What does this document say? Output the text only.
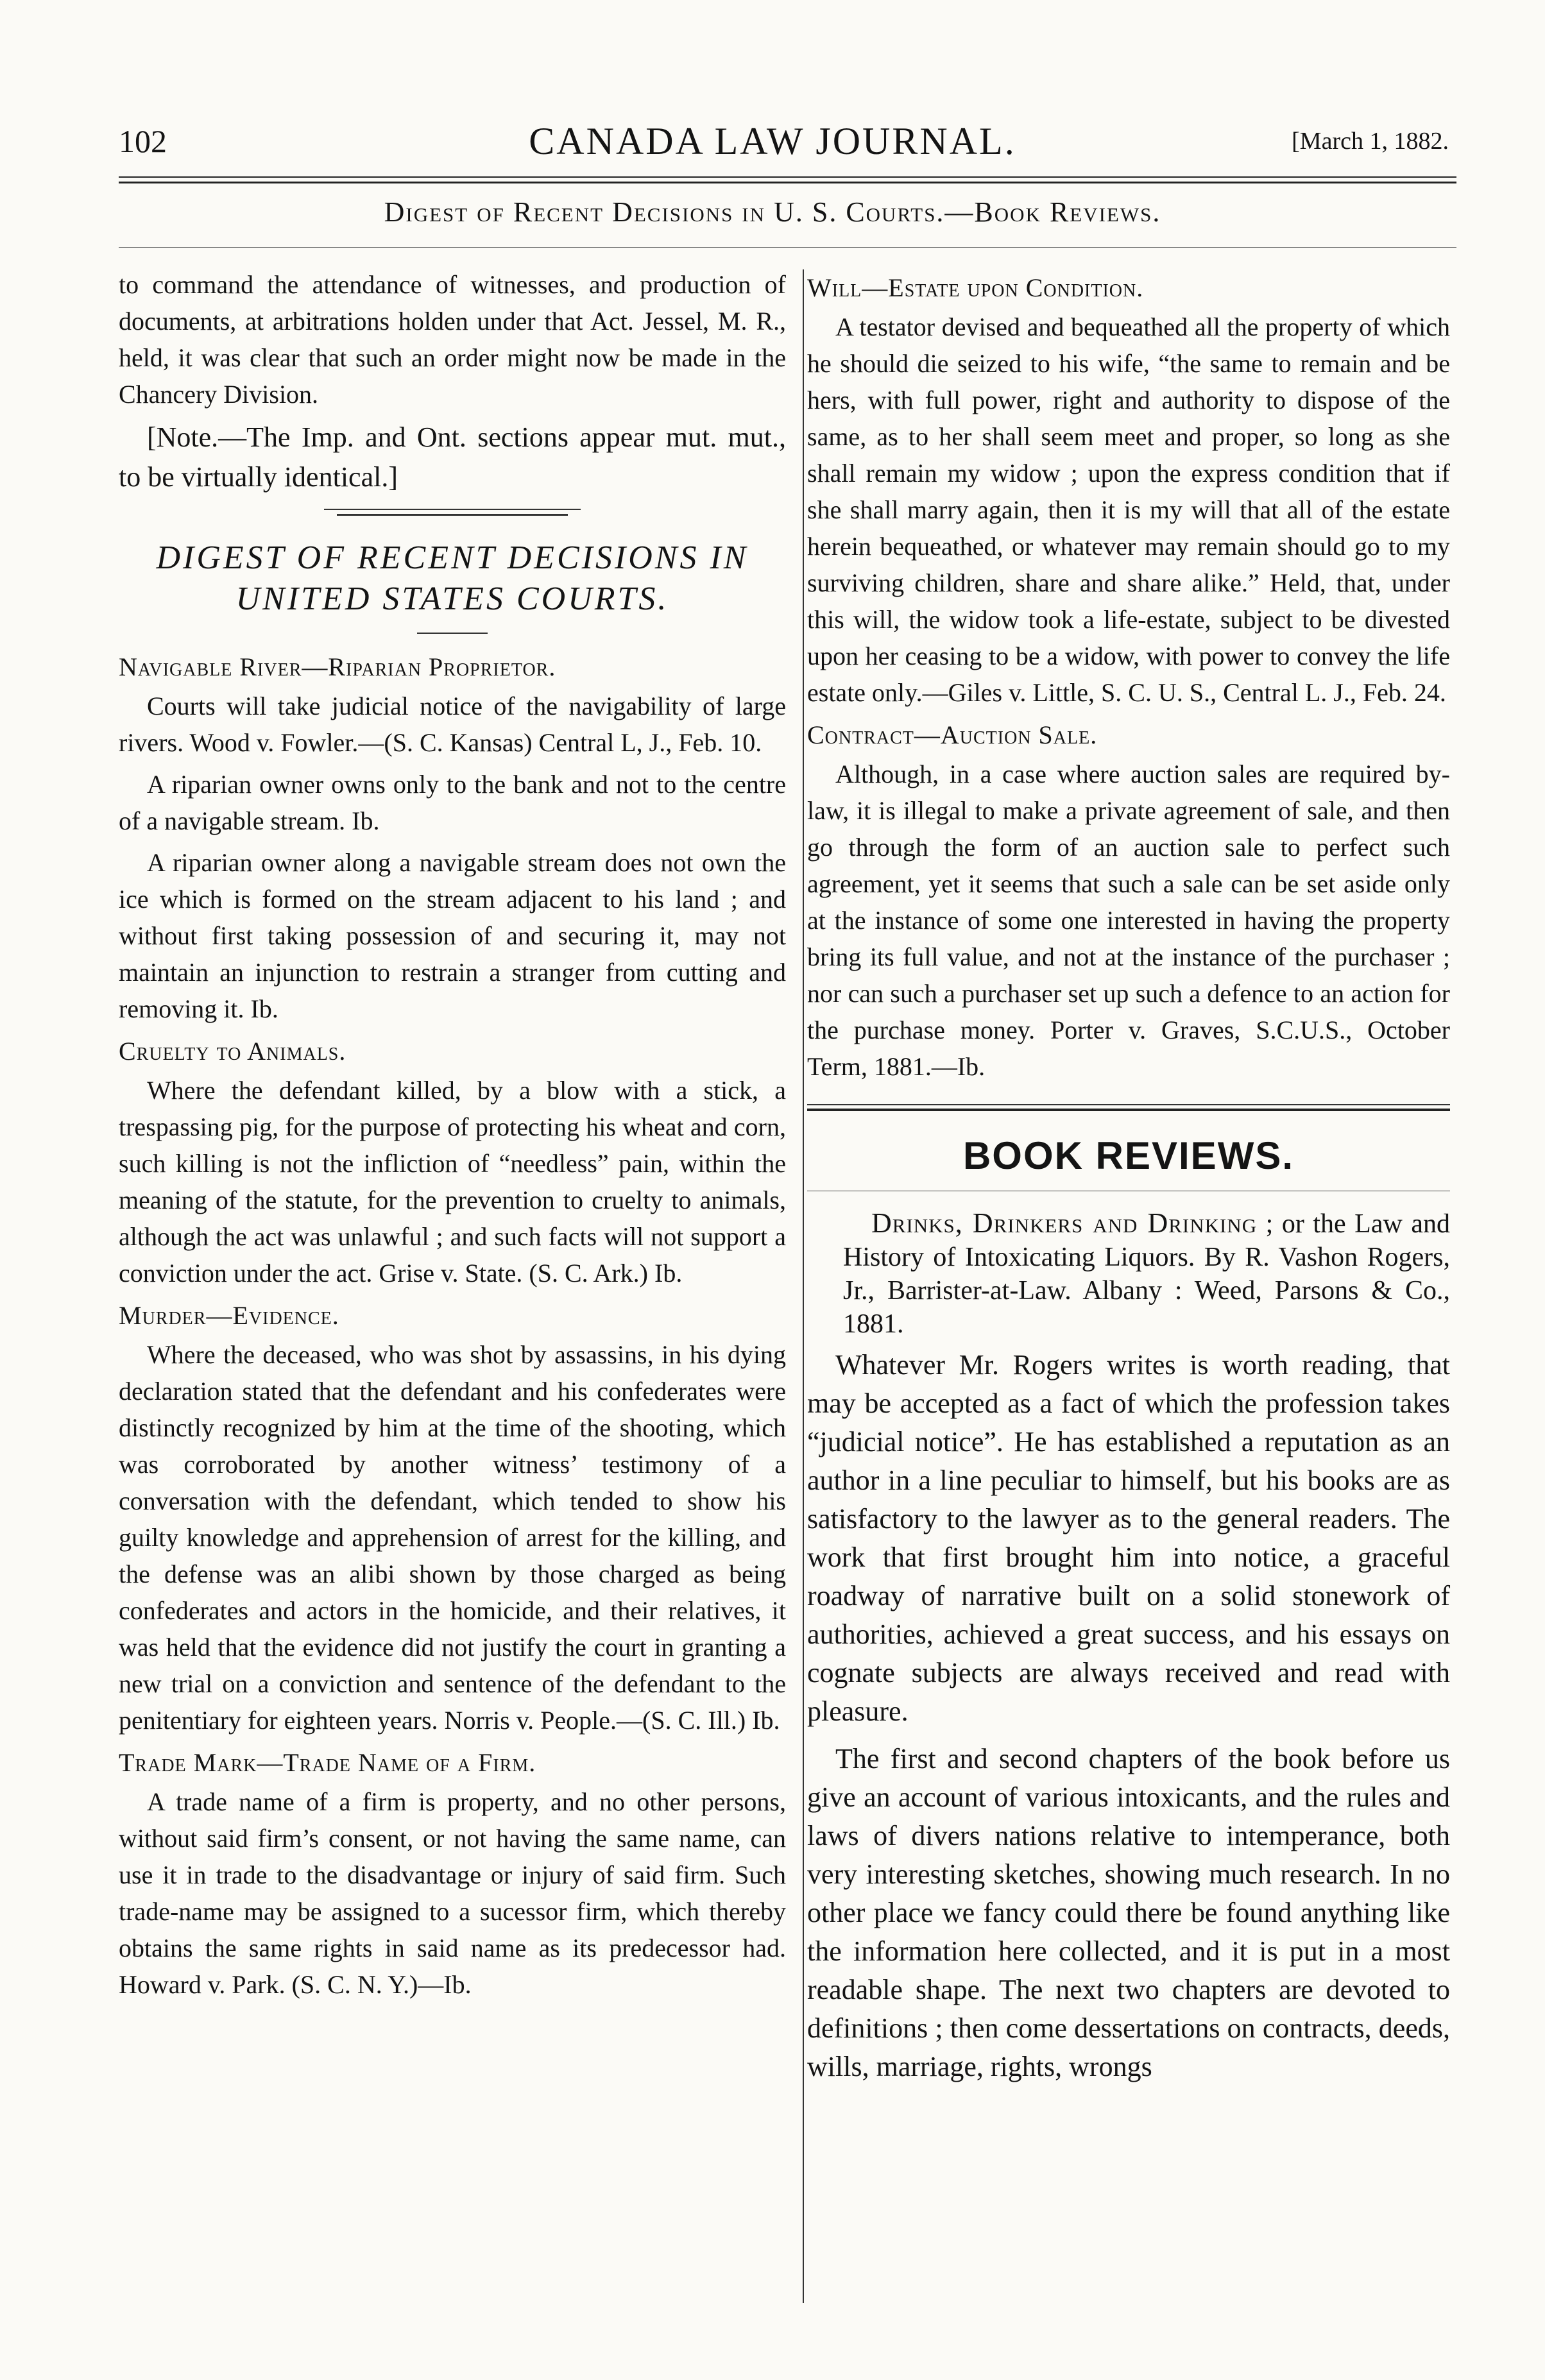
102	CANADA LAW JOURNAL.	[March 1, 1882.
Digest of Recent Decisions in U. S. Courts.—Book Reviews.

to command the attendance of witnesses, and production of documents, at arbitrations holden under that Act. Jessel, M. R., held, it was clear that such an order might now be made in the Chancery Division.

[Note.—The Imp. and Ont. sections appear mut. mut., to be virtually identical.]

DIGEST OF RECENT DECISIONS IN UNITED STATES COURTS.
Navigable River—Riparian Proprietor.

Courts will take judicial notice of the navigability of large rivers. Wood v. Fowler.—(S. C. Kansas) Central L, J., Feb. 10.

A riparian owner owns only to the bank and not to the centre of a navigable stream. Ib.

A riparian owner along a navigable stream does not own the ice which is formed on the stream adjacent to his land ; and without first taking possession of and securing it, may not maintain an injunction to restrain a stranger from cutting and removing it. Ib.

Cruelty to Animals.

Where the defendant killed, by a blow with a stick, a trespassing pig, for the purpose of protecting his wheat and corn, such killing is not the infliction of “needless” pain, within the meaning of the statute, for the prevention to cruelty to animals, although the act was unlawful ; and such facts will not support a conviction under the act. Grise v. State. (S. C. Ark.) Ib.

Murder—Evidence.

Where the deceased, who was shot by assassins, in his dying declaration stated that the defendant and his confederates were distinctly recognized by him at the time of the shooting, which was corroborated by another witness’ testimony of a conversation with the defendant, which tended to show his guilty knowledge and apprehension of arrest for the killing, and the defense was an alibi shown by those charged as being confederates and actors in the homicide, and their relatives, it was held that the evidence did not justify the court in granting a new trial on a conviction and sentence of the defendant to the penitentiary for eighteen years. Norris v. People.—(S. C. Ill.) Ib.

Trade Mark—Trade Name of a Firm.

A trade name of a firm is property, and no other persons, without said firm’s consent, or not having the same name, can use it in trade to the disadvantage or injury of said firm. Such trade-name may be assigned to a sucessor firm, which thereby obtains the same rights in said name as its predecessor had. Howard v. Park. (S. C. N. Y.)—Ib.

Will—Estate upon Condition.

A testator devised and bequeathed all the property of which he should die seized to his wife, “the same to remain and be hers, with full power, right and authority to dispose of the same, as to her shall seem meet and proper, so long as she shall remain my widow ; upon the express condition that if she shall marry again, then it is my will that all of the estate herein bequeathed, or whatever may remain should go to my surviving children, share and share alike.” Held, that, under this will, the widow took a life-estate, subject to be divested upon her ceasing to be a widow, with power to convey the life estate only.—Giles v. Little, S. C. U. S., Central L. J., Feb. 24.

Contract—Auction Sale.

Although, in a case where auction sales are required by-law, it is illegal to make a private agreement of sale, and then go through the form of an auction sale to perfect such agreement, yet it seems that such a sale can be set aside only at the instance of some one interested in having the property bring its full value, and not at the instance of the purchaser ; nor can such a purchaser set up such a defence to an action for the purchase money. Porter v. Graves, S.C.U.S., October Term, 1881.—Ib.

BOOK REVIEWS.

Drinks, Drinkers and Drinking ; or the Law and History of Intoxicating Liquors. By R. Vashon Rogers, Jr., Barrister-at-Law. Albany : Weed, Parsons & Co., 1881.

Whatever Mr. Rogers writes is worth reading, that may be accepted as a fact of which the profession takes “judicial notice”. He has established a reputation as an author in a line peculiar to himself, but his books are as satisfactory to the lawyer as to the general readers. The work that first brought him into notice, a graceful roadway of narrative built on a solid stonework of authorities, achieved a great success, and his essays on cognate subjects are always received and read with pleasure.

The first and second chapters of the book before us give an account of various intoxicants, and the rules and laws of divers nations relative to intemperance, both very interesting sketches, showing much research. In no other place we fancy could there be found anything like the information here collected, and it is put in a most readable shape. The next two chapters are devoted to definitions ; then come dessertations on contracts, deeds, wills, marriage, rights, wrongs
